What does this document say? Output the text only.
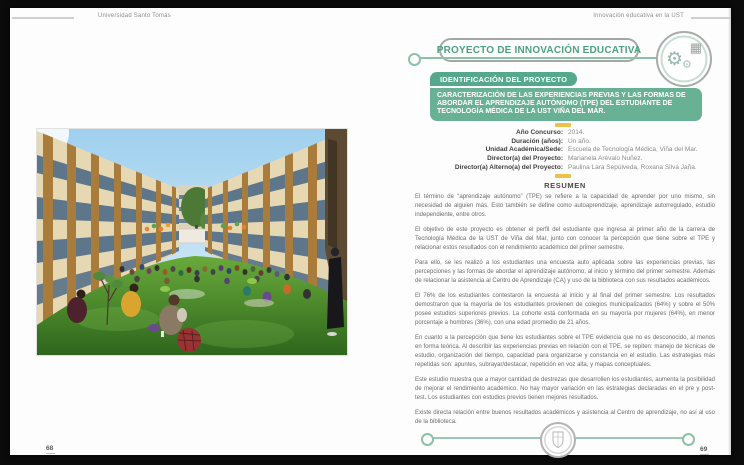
Universidad Santo Tomás
68
Innovación educativa en la UST
PROYECTO DE INNOVACIÓN EDUCATIVA ⚙
⚙
▦
IDENTIFICACIÓN DEL PROYECTO
CARACTERIZACIÓN DE LAS EXPERIENCIAS PREVIAS Y LAS FORMAS DE ABORDAR EL APRENDIZAJE AUTÓNOMO (TPE) DEL ESTUDIANTE DE TECNOLOGÍA MÉDICA DE LA UST VIÑA DEL MAR.
Año Concurso: 2014.
Duración (años): Un año.
Unidad Académica/Sede: Escuela de Tecnología Médica, Viña del Mar.
Director(a) del Proyecto: Marianela Arévalo Nuñez.
Director(a) Alterno(a) del Proyecto: Paulina Lara Sepúlveda, Roxana Silva Jaña.
RESUMEN

El término de “aprendizaje autónomo” (TPE) se refiere a la capacidad de aprender por uno mismo, sin necesidad de alguien más. Esto también se define como autoaprendizaje, aprendizaje autorregulado, estudio independiente, entre otros.

El objetivo de este proyecto es obtener el perfil del estudiante que ingresa al primer año de la carrera de Tecnología Médica de la UST de Viña del Mar, junto con conocer la percepción que tiene sobre el TPE y relacionar estos resultados con el rendimiento académico del primer semestre.

Para ello, se les realizó a los estudiantes una encuesta auto aplicada sobre las experiencias previas, las percepciones y las formas de abordar el aprendizaje autónomo, al inicio y término del primer semestre. Además de relacionar la asistencia al Centro de Aprendizaje (CA) y uso de la biblioteca con sus resultados académicos.

El 76% de los estudiantes contestaron la encuesta al inicio y al final del primer semestre. Los resultados demostraron que la mayoría de los estudiantes provienen de colegios municipalizados (64%) y sobre el 50% posee estudios superiores previos. La cohorte está conformada en su mayoría por mujeres (64%), en menor porcentaje a hombres (36%), con una edad promedio de 21 años.

En cuanto a la percepción que tiene los estudiantes sobre el TPE evidencia que no es desconocido, al menos en forma teórica. Al describir las experiencias previas en relación con el TPE, se repiten: manejo de técnicas de estudio, organización del tiempo, capacidad para organizarse y constancia en el estudio. Las estrategias más repetidas son: apuntes, subrayar/destacar, repetición en voz alta, y mapas conceptuales.

Este estudio muestra que a mayor cantidad de destrezas que desarrollen los estudiantes, aumenta la posibilidad de mejorar el rendimiento académico. No hay mayor variación en las estrategias declaradas en el pre y post-test. Los estudiantes con estudios previos tienen mejores resultados.

Existe directa relación entre buenos resultados académicos y asistencia al Centro de aprendizaje, no así al uso de la biblioteca.

69
